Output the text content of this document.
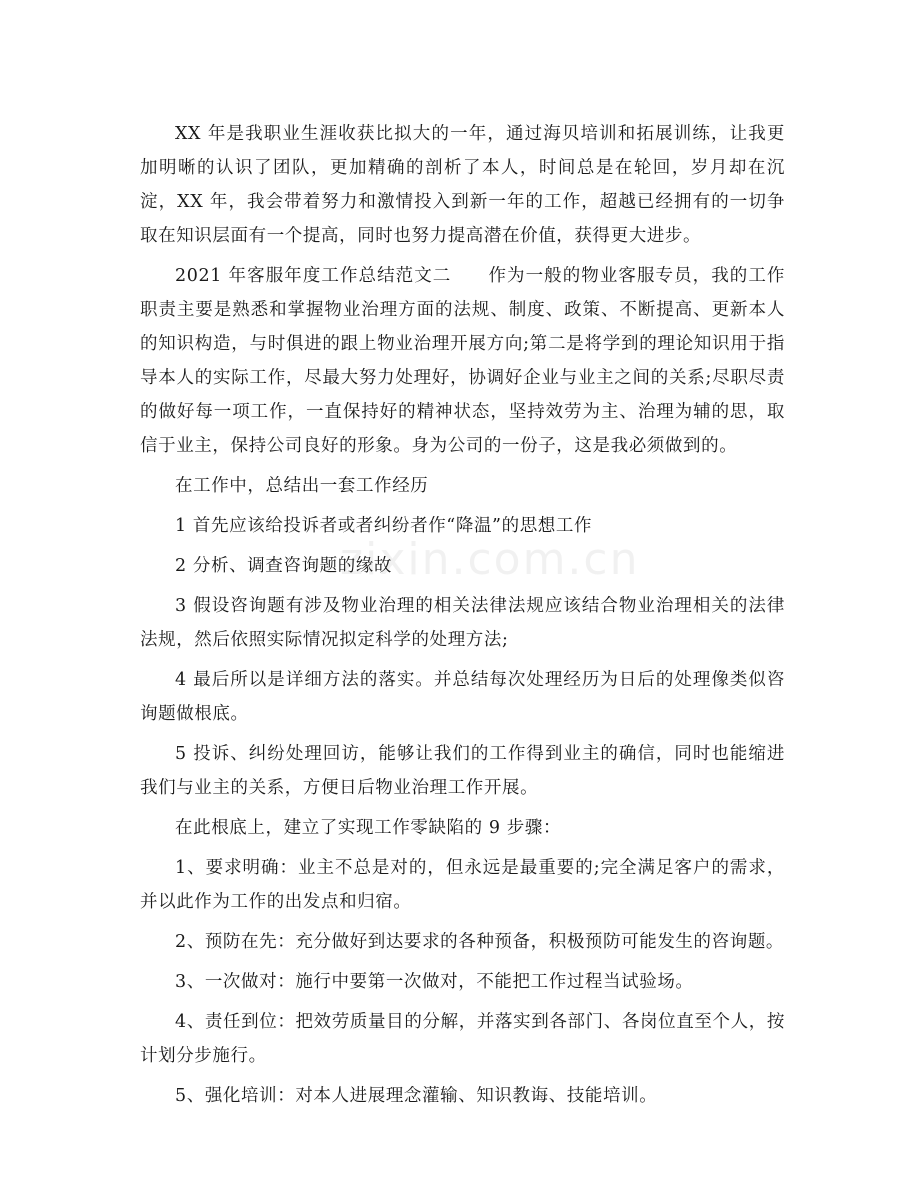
zixin.com.cn

XX 年是我职业生涯收获比拟大的一年，通过海贝培训和拓展训练，让我更加明晰的认识了团队，更加精确的剖析了本人，时间总是在轮回，岁月却在沉淀，XX 年，我会带着努力和激情投入到新一年的工作，超越已经拥有的一切争取在知识层面有一个提高，同时也努力提高潜在价值，获得更大进步。

2021 年客服年度工作总结范文二　　作为一般的物业客服专员，我的工作职责主要是熟悉和掌握物业治理方面的法规、制度、政策、不断提高、更新本人的知识构造，与时俱进的跟上物业治理开展方向;第二是将学到的理论知识用于指导本人的实际工作，尽最大努力处理好，协调好企业与业主之间的关系;尽职尽责的做好每一项工作，一直保持好的精神状态，坚持效劳为主、治理为辅的思，取信于业主，保持公司良好的形象。身为公司的一份子，这是我必须做到的。

在工作中，总结出一套工作经历

1 首先应该给投诉者或者纠纷者作“降温”的思想工作

2 分析、调查咨询题的缘故

3 假设咨询题有涉及物业治理的相关法律法规应该结合物业治理相关的法律法规，然后依照实际情况拟定科学的处理方法;

4 最后所以是详细方法的落实。并总结每次处理经历为日后的处理像类似咨询题做根底。

5 投诉、纠纷处理回访，能够让我们的工作得到业主的确信，同时也能缩进我们与业主的关系，方便日后物业治理工作开展。

在此根底上，建立了实现工作零缺陷的 9 步骤：

1、要求明确：业主不总是对的，但永远是最重要的;完全满足客户的需求，并以此作为工作的出发点和归宿。

2、预防在先：充分做好到达要求的各种预备，积极预防可能发生的咨询题。

3、一次做对：施行中要第一次做对，不能把工作过程当试验场。

4、责任到位：把效劳质量目的分解，并落实到各部门、各岗位直至个人，按计划分步施行。

5、强化培训：对本人进展理念灌输、知识教诲、技能培训。
